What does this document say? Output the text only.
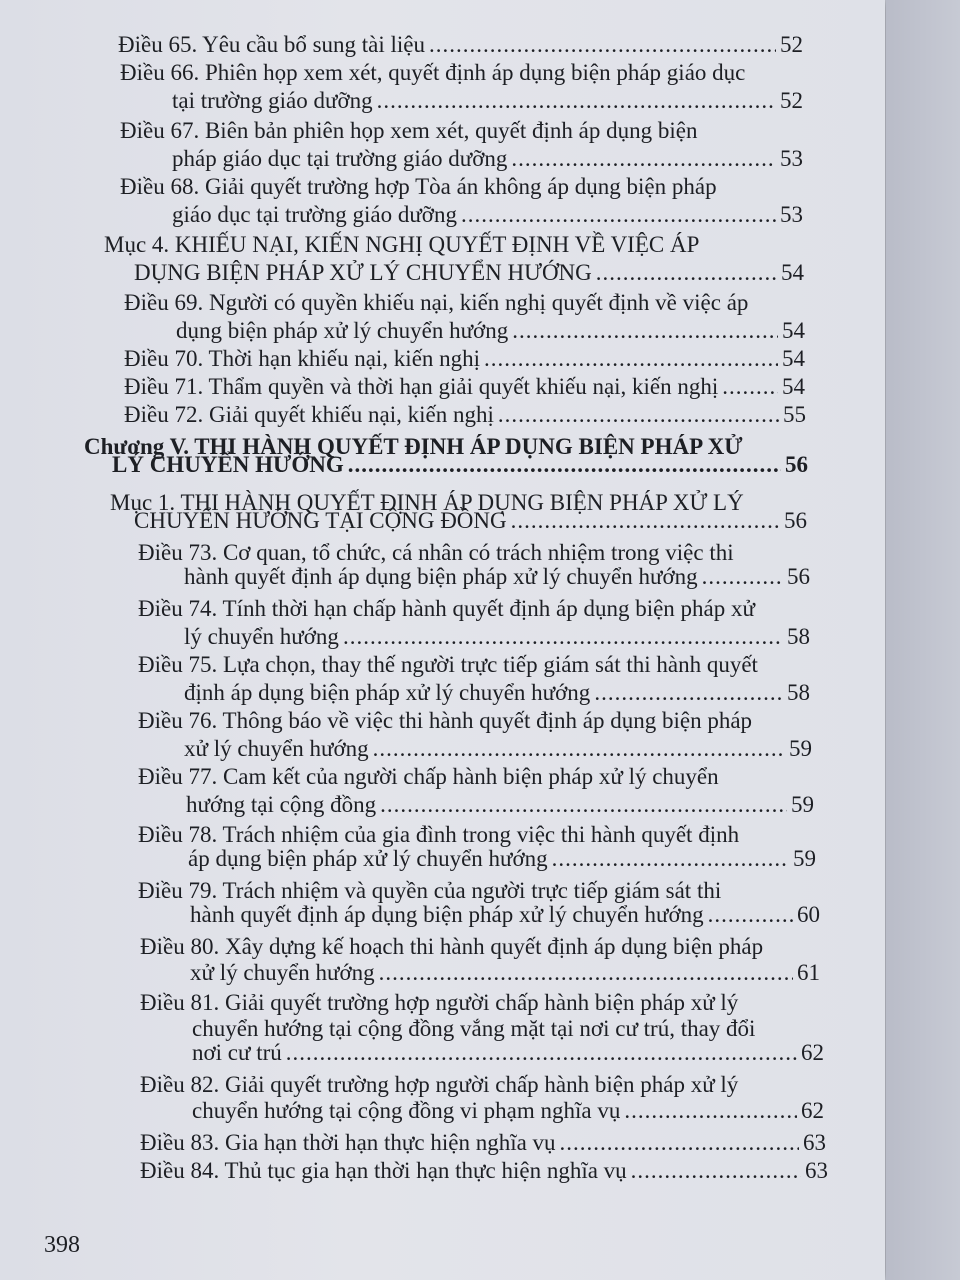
Điều 65. Yêu cầu bổ sung tài liệu .....	52
Điều 66. Phiên họp xem xét, quyết định áp dụng biện pháp giáo dục
tại trường giáo dưỡng .....	52
Điều 67. Biên bản phiên họp xem xét, quyết định áp dụng biện
pháp giáo dục tại trường giáo dưỡng .....	53
Điều 68. Giải quyết trường hợp Tòa án không áp dụng biện pháp
giáo dục tại trường giáo dưỡng .....	53
Mục 4. KHIẾU NẠI, KIẾN NGHỊ QUYẾT ĐỊNH VỀ VIỆC ÁP
DỤNG BIỆN PHÁP XỬ LÝ CHUYỂN HƯỚNG .....	54
Điều 69. Người có quyền khiếu nại, kiến nghị quyết định về việc áp
dụng biện pháp xử lý chuyển hướng .....	54
Điều 70. Thời hạn khiếu nại, kiến nghị .....	54
Điều 71. Thẩm quyền và thời hạn giải quyết khiếu nại, kiến nghị .....	54
Điều 72. Giải quyết khiếu nại, kiến nghị .....	55
Chương V. THI HÀNH QUYẾT ĐỊNH ÁP DỤNG BIỆN PHÁP XỬ
LÝ CHUYỂN HƯỚNG .....	56
Mục 1. THI HÀNH QUYẾT ĐỊNH ÁP DỤNG BIỆN PHÁP XỬ LÝ
CHUYỂN HƯỚNG TẠI CỘNG ĐỒNG .....	56
Điều 73. Cơ quan, tổ chức, cá nhân có trách nhiệm trong việc thi
hành quyết định áp dụng biện pháp xử lý chuyển hướng .....	56
Điều 74. Tính thời hạn chấp hành quyết định áp dụng biện pháp xử
lý chuyển hướng .....	58
Điều 75. Lựa chọn, thay thế người trực tiếp giám sát thi hành quyết
định áp dụng biện pháp xử lý chuyển hướng .....	58
Điều 76. Thông báo về việc thi hành quyết định áp dụng biện pháp
xử lý chuyển hướng .....	59
Điều 77. Cam kết của người chấp hành biện pháp xử lý chuyển
hướng tại cộng đồng .....	59
Điều 78. Trách nhiệm của gia đình trong việc thi hành quyết định
áp dụng biện pháp xử lý chuyển hướng .....	59
Điều 79. Trách nhiệm và quyền của người trực tiếp giám sát thi
hành quyết định áp dụng biện pháp xử lý chuyển hướng .....	60
Điều 80. Xây dựng kế hoạch thi hành quyết định áp dụng biện pháp
xử lý chuyển hướng .....	61
Điều 81. Giải quyết trường hợp người chấp hành biện pháp xử lý
chuyển hướng tại cộng đồng vắng mặt tại nơi cư trú, thay đổi
nơi cư trú .....	62
Điều 82. Giải quyết trường hợp người chấp hành biện pháp xử lý
chuyển hướng tại cộng đồng vi phạm nghĩa vụ .....	62
Điều 83. Gia hạn thời hạn thực hiện nghĩa vụ .....	63
Điều 84. Thủ tục gia hạn thời hạn thực hiện nghĩa vụ .....	63
398
